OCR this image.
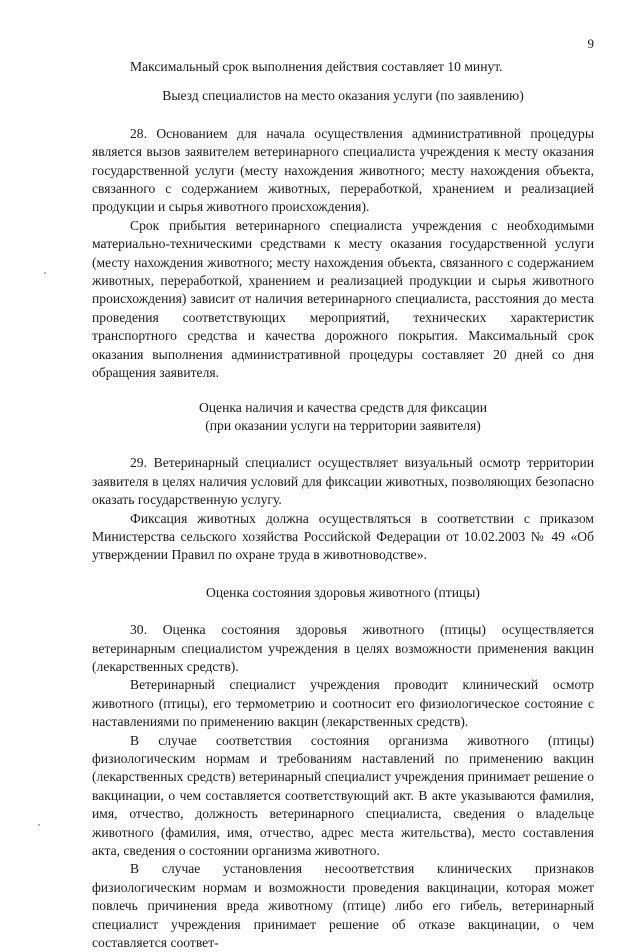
9

Максимальный срок выполнения действия составляет 10 минут.

Выезд специалистов на место оказания услуги (по заявлению)

28. Основанием для начала осуществления административной процедуры является вызов заявителем ветеринарного специалиста учреждения к месту оказания государственной услуги (месту нахождения животного; месту нахождения объекта, связанного с содержанием животных, переработкой, хранением и реализацией продукции и сырья животного происхождения).

Срок прибытия ветеринарного специалиста учреждения с необходимыми материально-техническими средствами к месту оказания государственной услуги (месту нахождения животного; месту нахождения объекта, связанного с содержанием животных, переработкой, хранением и реализацией продукции и сырья животного происхождения) зависит от наличия ветеринарного специалиста, расстояния до места проведения соответствующих мероприятий, технических характеристик транспортного средства и качества дорожного покрытия. Максимальный срок оказания выполнения административной процедуры составляет 20 дней со дня обращения заявителя.

Оценка наличия и качества средств для фиксации

(при оказании услуги на территории заявителя)

29. Ветеринарный специалист осуществляет визуальный осмотр территории заявителя в целях наличия условий для фиксации животных, позволяющих безопасно оказать государственную услугу.

Фиксация животных должна осуществляться в соответствии с приказом Министерства сельского хозяйства Российской Федерации от 10.02.2003 № 49 «Об утверждении Правил по охране труда в животноводстве».

Оценка состояния здоровья животного (птицы)

30. Оценка состояния здоровья животного (птицы) осуществляется ветеринарным специалистом учреждения в целях возможности применения вакцин (лекарственных средств).

Ветеринарный специалист учреждения проводит клинический осмотр животного (птицы), его термометрию и соотносит его физиологическое состояние с наставлениями по применению вакцин (лекарственных средств).

В случае соответствия состояния организма животного (птицы) физиологическим нормам и требованиям наставлений по применению вакцин (лекарственных средств) ветеринарный специалист учреждения принимает решение о вакцинации, о чем составляется соответствующий акт. В акте указываются фамилия, имя, отчество, должность ветеринарного специалиста, сведения о владельце животного (фамилия, имя, отчество, адрес места жительства), место составления акта, сведения о состоянии организма животного.

В случае установления несоответствия клинических признаков физиологическим нормам и возможности проведения вакцинации, которая может повлечь причинения вреда животному (птице) либо его гибель, ветеринарный специалист учреждения принимает решение об отказе вакцинации, о чем составляется соответ-
